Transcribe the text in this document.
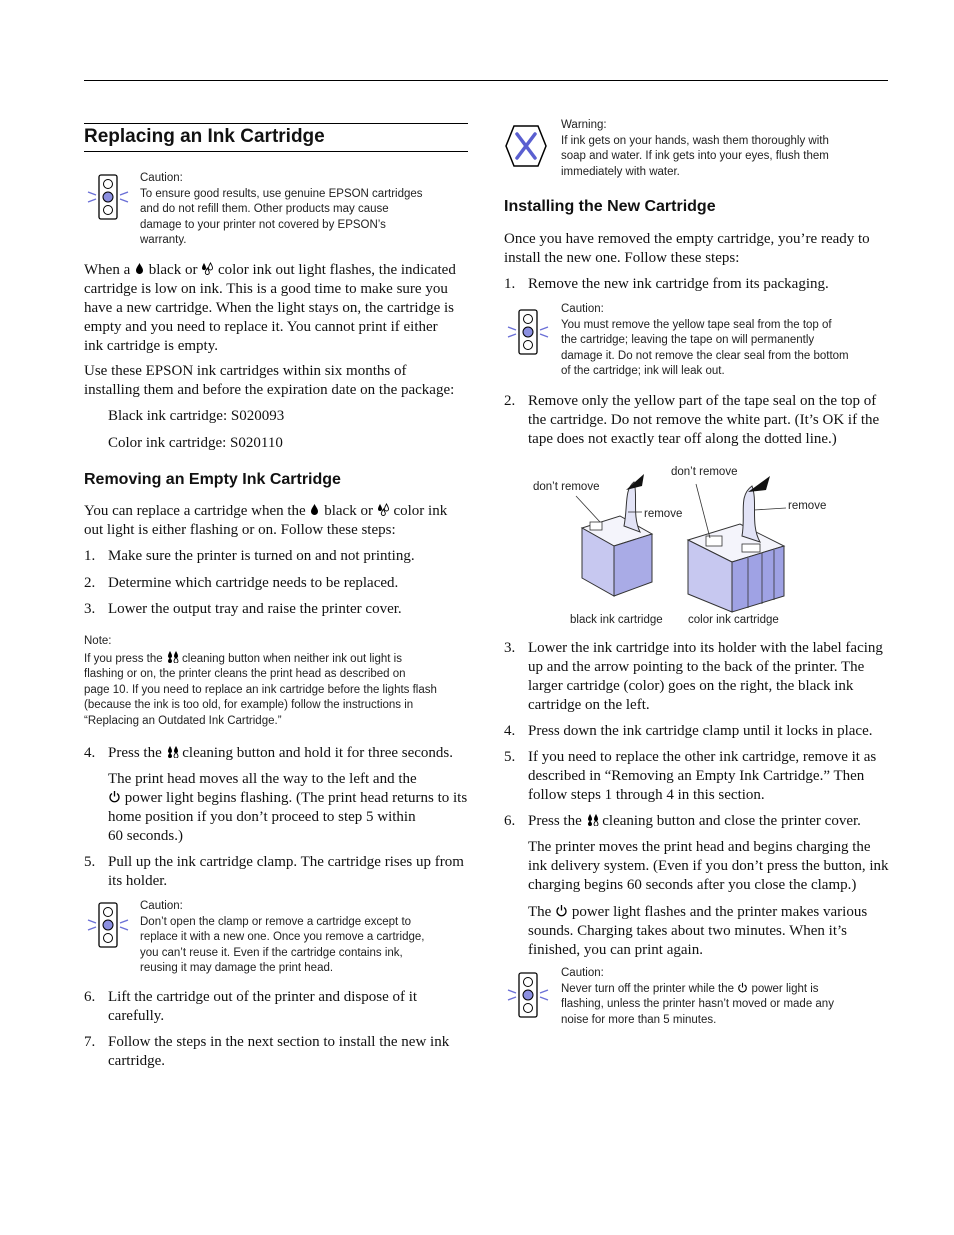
Replacing an Ink Cartridge
Caution:
To ensure good results, use genuine EPSON cartridges
and do not refill them. Other products may cause
damage to your printer not covered by EPSON’s
warranty.
When a black or color ink out light flashes, the indicated
cartridge is low on ink. This is a good time to make sure you
have a new cartridge. When the light stays on, the cartridge is
empty and you need to replace it. You cannot print if either
ink cartridge is empty.
Use these EPSON ink cartridges within six months of
installing them and before the expiration date on the package:
Black ink cartridge: S020093
Color ink cartridge: S020110
Removing an Empty Ink Cartridge
You can replace a cartridge when the black or color ink
out light is either flashing or on. Follow these steps:
1. Make sure the printer is turned on and not printing.
2. Determine which cartridge needs to be replaced.
3. Lower the output tray and raise the printer cover.
Note:
If you press the cleaning button when neither ink out light is
flashing or on, the printer cleans the print head as described on
page 10. If you need to replace an ink cartridge before the lights flash
(because the ink is too old, for example) follow the instructions in
“Replacing an Outdated Ink Cartridge.”
4. Press the cleaning button and hold it for three seconds.
The print head moves all the way to the left and the
power light begins flashing. (The print head returns to its
home position if you don’t proceed to step 5 within
60 seconds.)
5. Pull up the ink cartridge clamp. The cartridge rises up from
its holder.
Caution:
Don’t open the clamp or remove a cartridge except to
replace it with a new one. Once you remove a cartridge,
you can’t reuse it. Even if the cartridge contains ink,
reusing it may damage the print head.
6. Lift the cartridge out of the printer and dispose of it
carefully.
7. Follow the steps in the next section to install the new ink
cartridge.
Warning:
If ink gets on your hands, wash them thoroughly with
soap and water. If ink gets into your eyes, flush them
immediately with water.
Installing the New Cartridge
Once you have removed the empty cartridge, you’re ready to
install the new one. Follow these steps:
1. Remove the new ink cartridge from its packaging.
Caution:
You must remove the yellow tape seal from the top of
the cartridge; leaving the tape on will permanently
damage it. Do not remove the clear seal from the bottom
of the cartridge; ink will leak out.
2. Remove only the yellow part of the tape seal on the top of
the cartridge. Do not remove the white part. (It’s OK if the
tape does not exactly tear off along the dotted line.)
don’t remove
remove
don’t remove
remove
black ink cartridge color ink cartridge
3. Lower the ink cartridge into its holder with the label facing
up and the arrow pointing to the back of the printer. The
larger cartridge (color) goes on the right, the black ink
cartridge on the left.
4. Press down the ink cartridge clamp until it locks in place.
5. If you need to replace the other ink cartridge, remove it as
described in “Removing an Empty Ink Cartridge.” Then
follow steps 1 through 4 in this section.
6. Press the cleaning button and close the printer cover.
The printer moves the print head and begins charging the
ink delivery system. (Even if you don’t press the button, ink
charging begins 60 seconds after you close the clamp.)
The power light flashes and the printer makes various
sounds. Charging takes about two minutes. When it’s
finished, you can print again.
Caution:
Never turn off the printer while the power light is
flashing, unless the printer hasn’t moved or made any
noise for more than 5 minutes.
